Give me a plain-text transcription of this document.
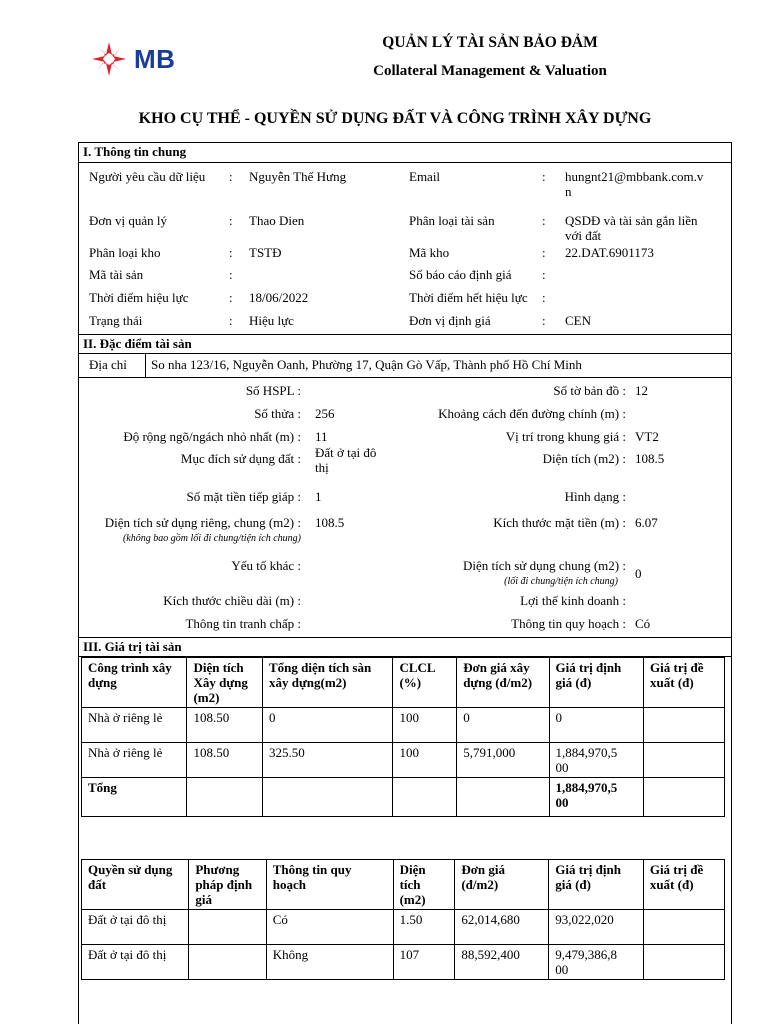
MB
QUẢN LÝ TÀI SẢN BẢO ĐẢM
Collateral Management & Valuation
KHO CỤ THỂ - QUYỀN SỬ DỤNG ĐẤT VÀ CÔNG TRÌNH XÂY DỰNG
I. Thông tin chung
Người yêu cầu dữ liệu : Nguyễn Thế Hưng	Email	: hungnt21@mbbank.com.v
n
Đơn vị quản lý	: Thao Dien	Phân loại tài sản	: QSDĐ và tài sản gắn liền
với đất
Phân loại kho	: TSTĐ	Mã kho	: 22.DAT.6901173
Mã tài sản	:	Số báo cáo định giá :
Thời điểm hiệu lực	: 18/06/2022	Thời điểm hết hiệu lực :
Trạng thái	: Hiệu lực	Đơn vị định giá	: CEN
II. Đặc điểm tài sản
Địa chỉ	So nha 123/16, Nguyễn Oanh, Phường 17, Quận Gò Vấp, Thành phố Hồ Chí Minh
Số HSPL :	Số tờ bản đồ : 12
Số thửa : 256	Khoảng cách đến đường chính (m) :
Độ rộng ngõ/ngách nhỏ nhất (m) : 11	Vị trí trong khung giá : VT2
Mục đích sử dụng đất : Đất ở tại đô
thị
Diện tích (m2) : 108.5
Số mặt tiền tiếp giáp : 1	Hình dạng :
Diện tích sử dụng riêng, chung (m2) :
(không bao gồm lối đi chung/tiện ích chung)
108.5	Kích thước mặt tiền (m) : 6.07
Yếu tố khác :	Diện tích sử dụng chung (m2) :
(lối đi chung/tiện ích chung)
0
Kích thước chiều dài (m) :	Lợi thế kinh doanh :
Thông tin tranh chấp :	Thông tin quy hoạch : Có
III. Giá trị tài sản
Công trình xây dựng	Diện tích Xây dựng (m2)	Tổng diện tích sàn xây dựng(m2)	CLCL (%)	Đơn giá xây dựng (đ/m2)	Giá trị định giá (đ)	Giá trị đề xuất (đ)
Nhà ở riêng lẻ	108.50	0	100	0	0	
Nhà ở riêng lẻ	108.50	325.50	100	5,791,000	1,884,970,5
00	
Tổng					1,884,970,5
00	
Quyền sử dụng đất	Phương pháp định giá	Thông tin quy hoạch	Diện tích (m2)	Đơn giá (đ/m2)	Giá trị định giá (đ)	Giá trị đề xuất (đ)
Đất ở tại đô thị		Có	1.50	62,014,680	93,022,020	
Đất ở tại đô thị		Không	107	88,592,400	9,479,386,8
00	
